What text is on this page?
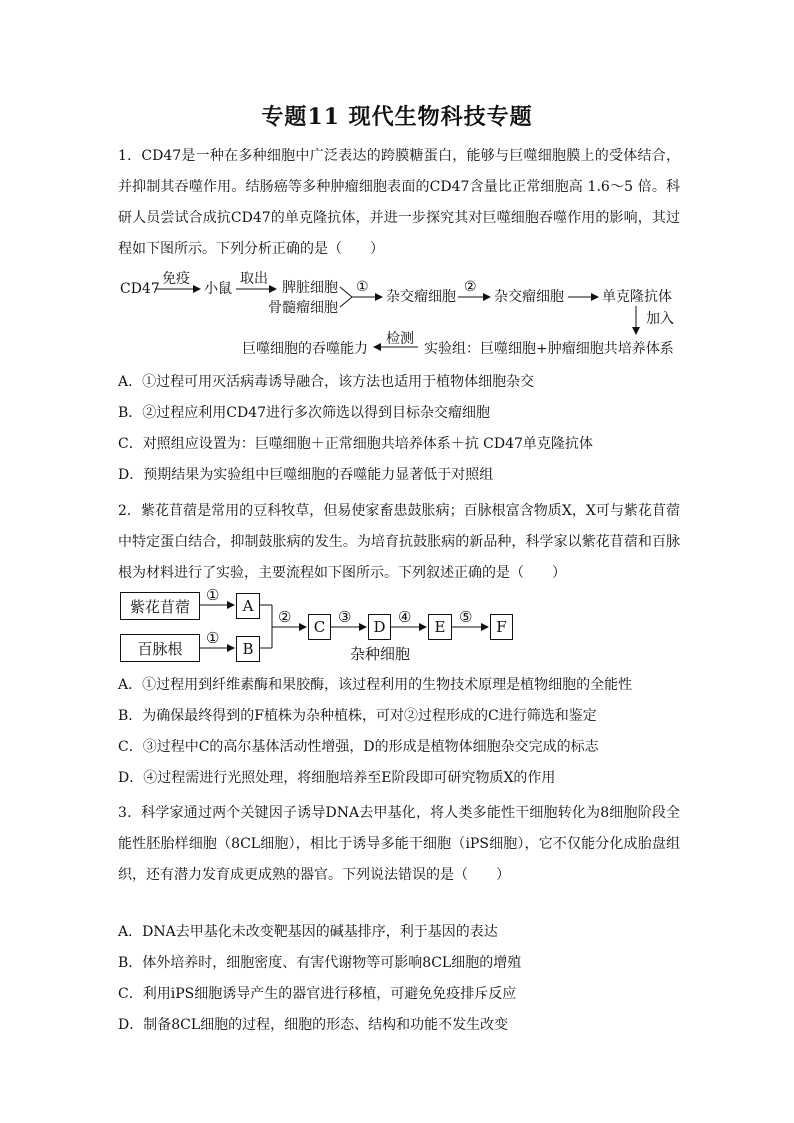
专题11 现代生物科技专题

1．CD47是一种在多种细胞中广泛表达的跨膜糖蛋白，能够与巨噬细胞膜上的受体结合，并抑制其吞噬作用。结肠癌等多种肿瘤细胞表面的CD47含量比正常细胞高 1.6～5 倍。科研人员尝试合成抗CD47的单克隆抗体，并进一步探究其对巨噬细胞吞噬作用的影响，其过程如下图所示。下列分析正确的是（　　）

CD47
免疫
小鼠
取出
脾脏细胞
骨髓瘤细胞
①
杂交瘤细胞
②
杂交瘤细胞	单克隆抗体
加入
实验组：巨噬细胞+肿瘤细胞共培养体系
检测
巨噬细胞的吞噬能力

A．①过程可用灭活病毒诱导融合，该方法也适用于植物体细胞杂交

B．②过程应利用CD47进行多次筛选以得到目标杂交瘤细胞

C．对照组应设置为：巨噬细胞＋正常细胞共培养体系＋抗 CD47单克隆抗体

D．预期结果为实验组中巨噬细胞的吞噬能力显著低于对照组

2．紫花苜蓿是常用的豆科牧草，但易使家畜患鼓胀病；百脉根富含物质X，X可与紫花苜蓿中特定蛋白结合，抑制鼓胀病的发生。为培育抗鼓胀病的新品种，科学家以紫花苜蓿和百脉根为材料进行了实验，主要流程如下图所示。下列叙述正确的是（　　）

紫花苜蓿
百脉根
①
①
A
B
②
C
③
D
④
E
⑤
F
杂种细胞

A．①过程用到纤维素酶和果胶酶，该过程利用的生物技术原理是植物细胞的全能性

B．为确保最终得到的F植株为杂种植株，可对②过程形成的C进行筛选和鉴定

C．③过程中C的高尔基体活动性增强，D的形成是植物体细胞杂交完成的标志

D．④过程需进行光照处理，将细胞培养至E阶段即可研究物质X的作用

3．科学家通过两个关键因子诱导DNA去甲基化，将人类多能性干细胞转化为8细胞阶段全能性胚胎样细胞（8CL细胞），相比于诱导多能干细胞（iPS细胞），它不仅能分化成胎盘组织，还有潜力发育成更成熟的器官。下列说法错误的是（　　）

A．DNA去甲基化未改变靶基因的碱基排序，利于基因的表达

B．体外培养时，细胞密度、有害代谢物等可影响8CL细胞的增殖

C．利用iPS细胞诱导产生的器官进行移植，可避免免疫排斥反应

D．制备8CL细胞的过程，细胞的形态、结构和功能不发生改变
